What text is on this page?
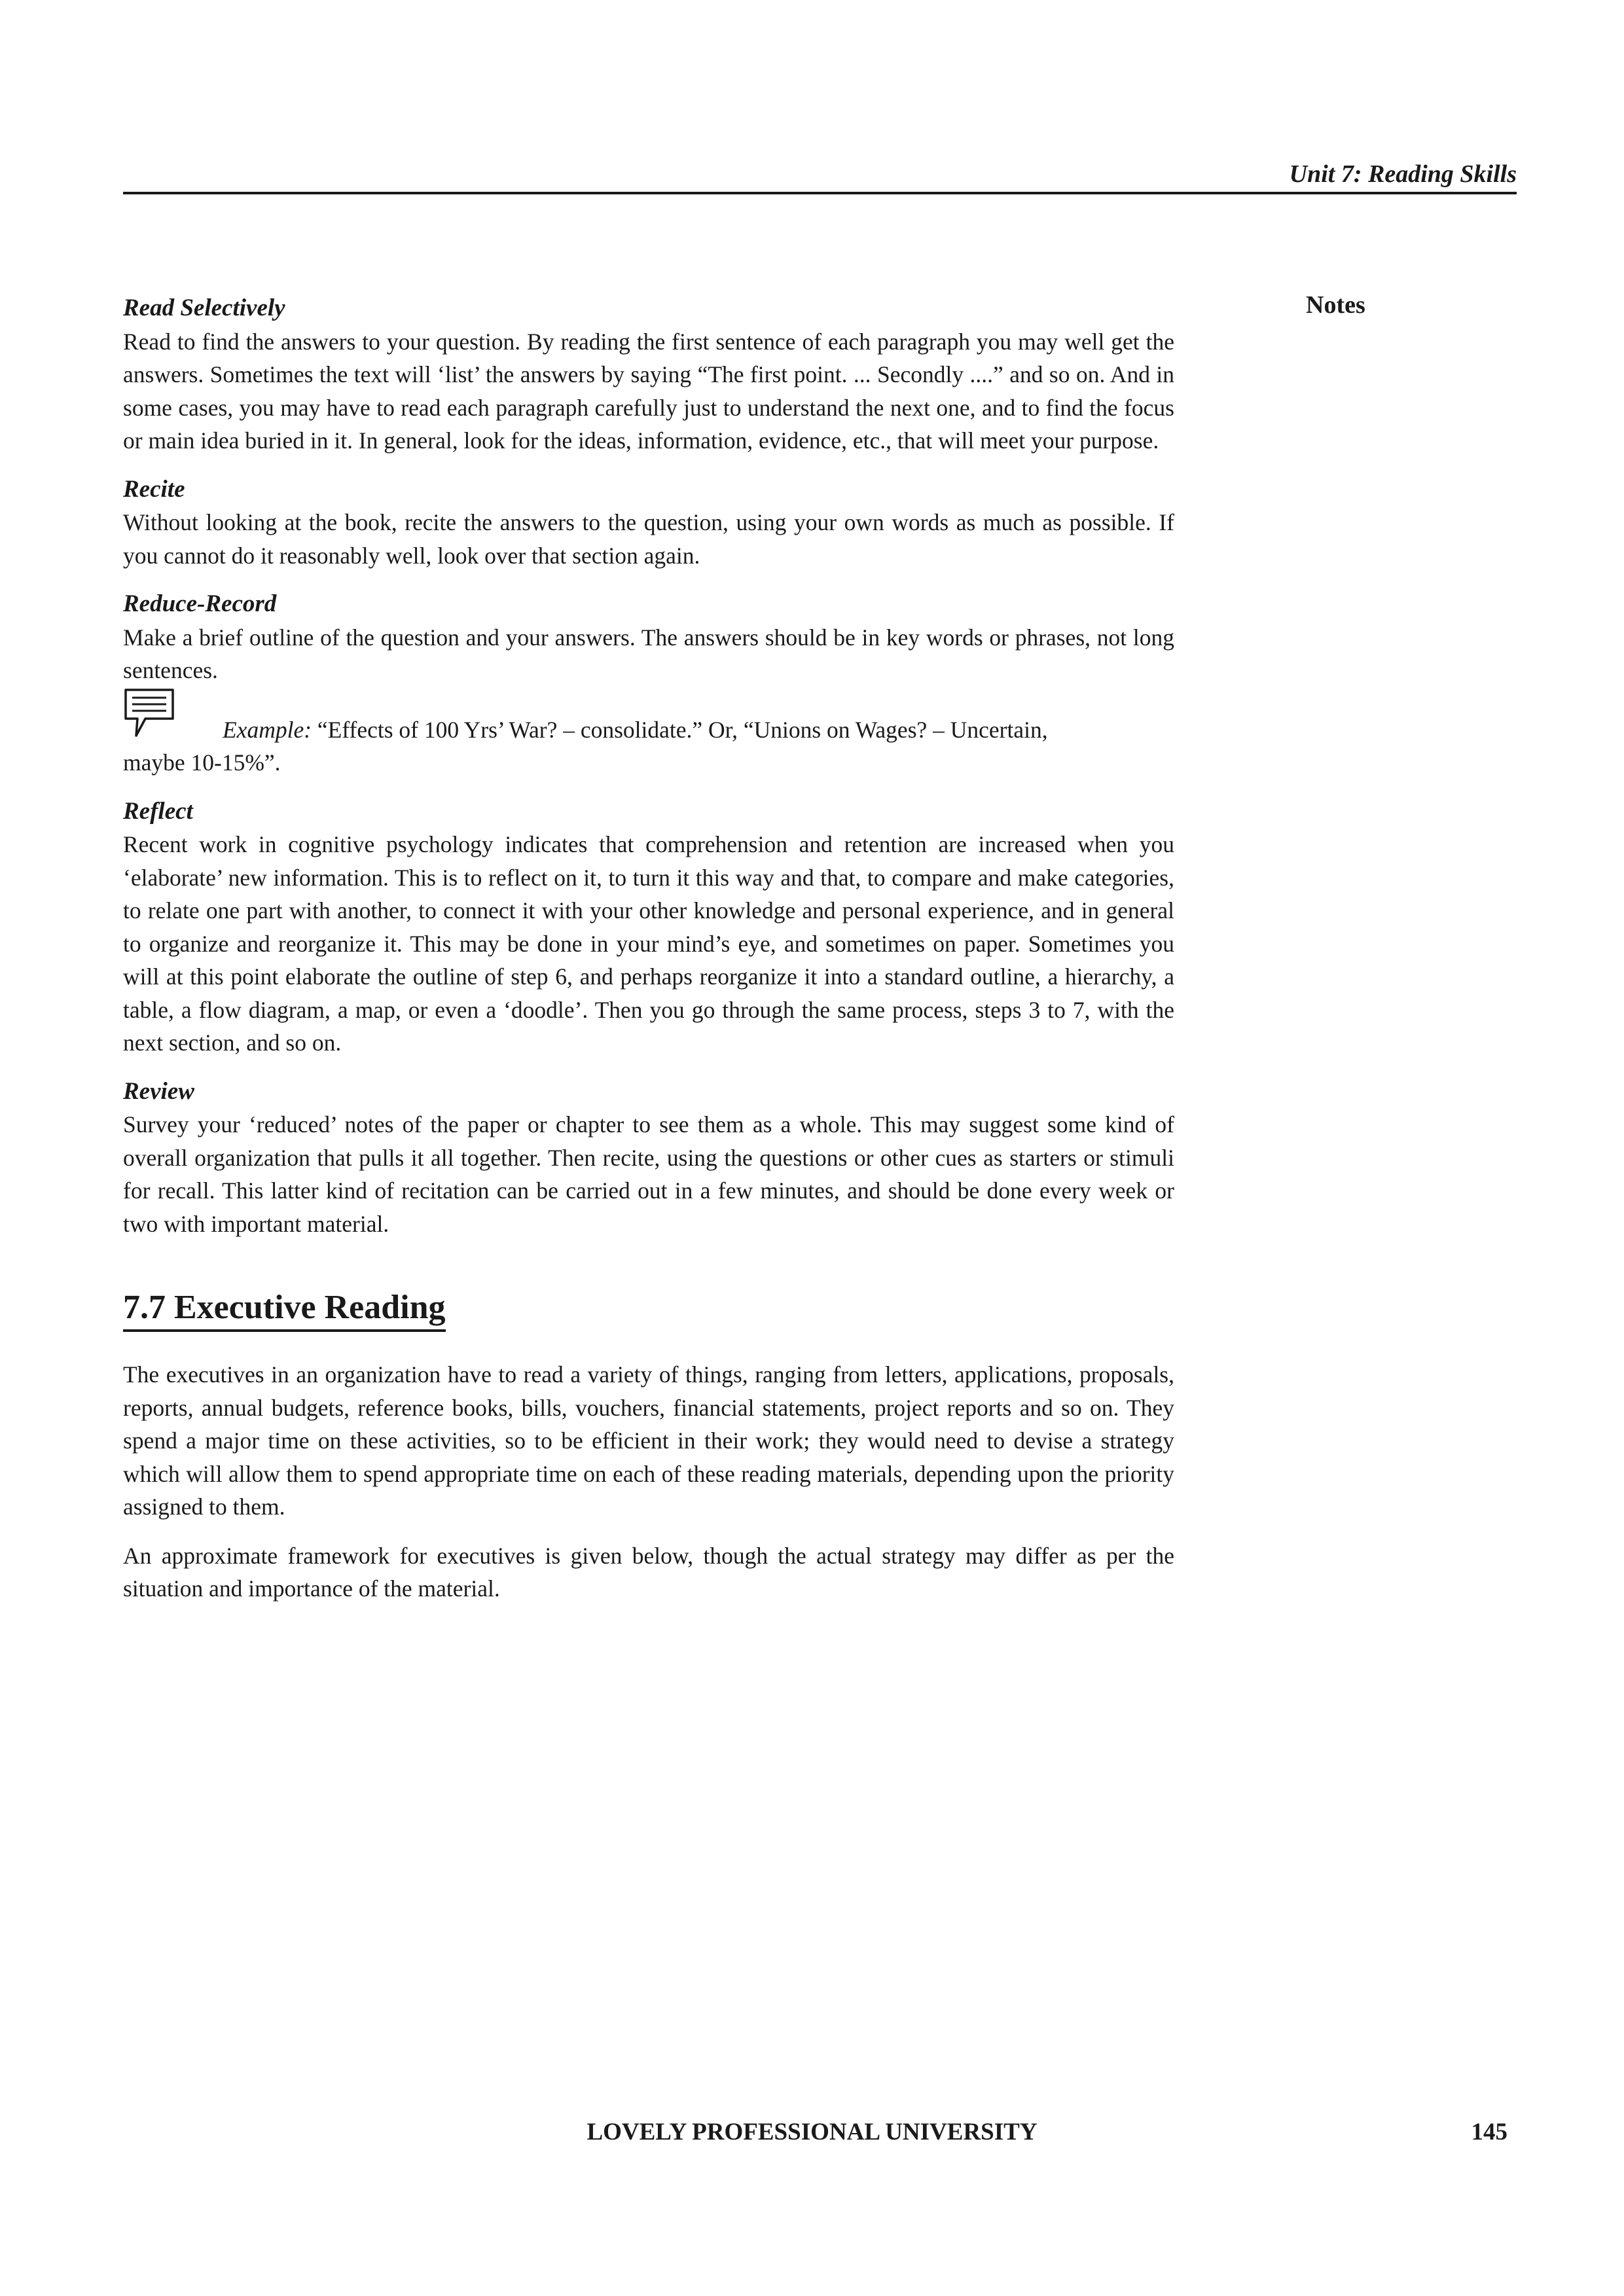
Unit 7: Reading Skills

Notes

Read Selectively

Read to find the answers to your question. By reading the first sentence of each paragraph you may well get the answers. Sometimes the text will ‘list’ the answers by saying “The first point. ... Secondly ....” and so on. And in some cases, you may have to read each paragraph carefully just to understand the next one, and to find the focus or main idea buried in it. In general, look for the ideas, information, evidence, etc., that will meet your purpose.

Recite

Without looking at the book, recite the answers to the question, using your own words as much as possible. If you cannot do it reasonably well, look over that section again.

Reduce-Record

Make a brief outline of the question and your answers. The answers should be in key words or phrases, not long sentences.

Example: “Effects of 100 Yrs’ War? – consolidate.” Or, “Unions on Wages? – Uncertain,

maybe 10-15%”.

Reflect

Recent work in cognitive psychology indicates that comprehension and retention are increased when you ‘elaborate’ new information. This is to reflect on it, to turn it this way and that, to compare and make categories, to relate one part with another, to connect it with your other knowledge and personal experience, and in general to organize and reorganize it. This may be done in your mind’s eye, and sometimes on paper. Sometimes you will at this point elaborate the outline of step 6, and perhaps reorganize it into a standard outline, a hierarchy, a table, a flow diagram, a map, or even a ‘doodle’. Then you go through the same process, steps 3 to 7, with the next section, and so on.

Review

Survey your ‘reduced’ notes of the paper or chapter to see them as a whole. This may suggest some kind of overall organization that pulls it all together. Then recite, using the questions or other cues as starters or stimuli for recall. This latter kind of recitation can be carried out in a few minutes, and should be done every week or two with important material.

7.7 Executive Reading

The executives in an organization have to read a variety of things, ranging from letters, applications, proposals, reports, annual budgets, reference books, bills, vouchers, financial statements, project reports and so on. They spend a major time on these activities, so to be efficient in their work; they would need to devise a strategy which will allow them to spend appropriate time on each of these reading materials, depending upon the priority assigned to them.

An approximate framework for executives is given below, though the actual strategy may differ as per the situation and importance of the material.

LOVELY PROFESSIONAL UNIVERSITY	145
